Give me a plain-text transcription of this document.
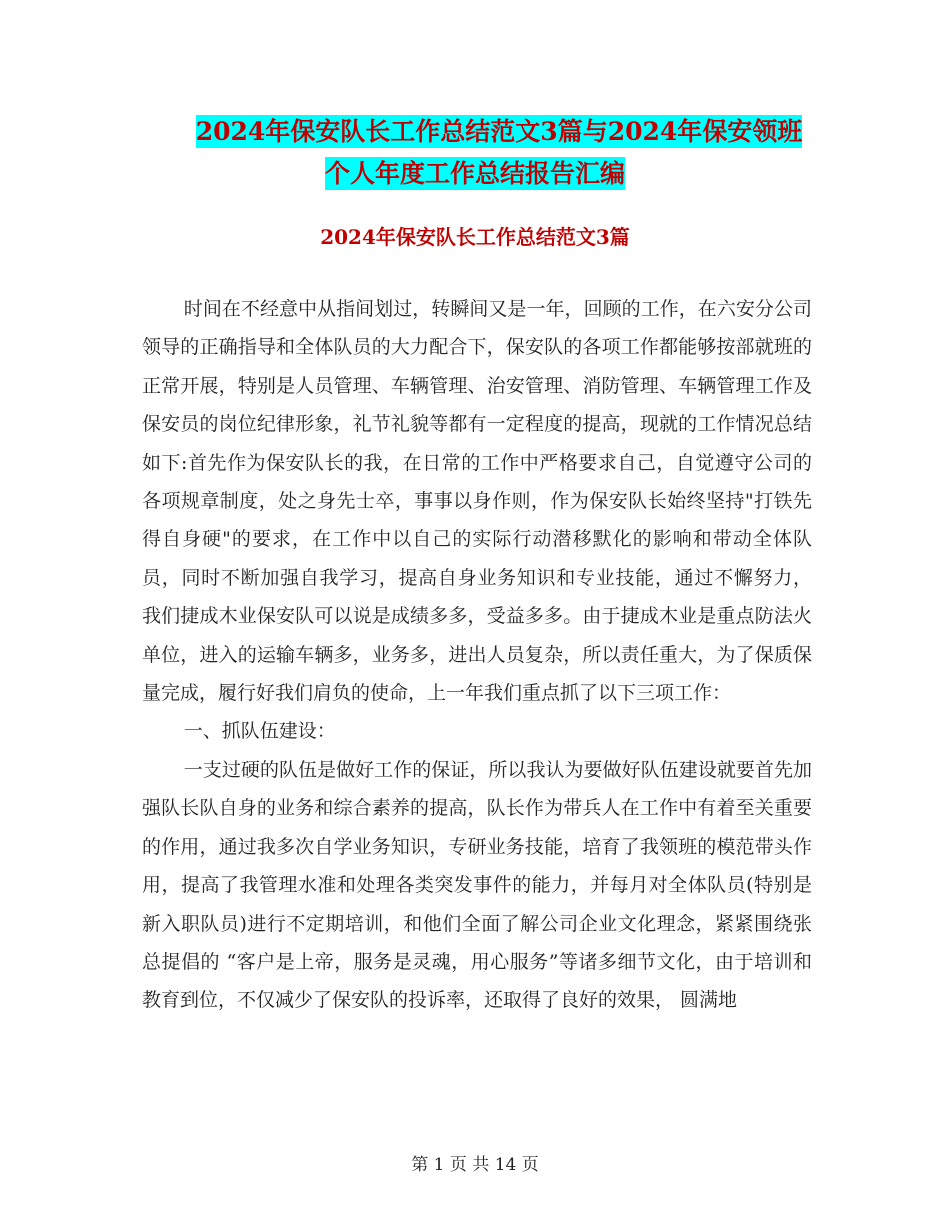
2024年保安队长工作总结范文3篇与2024年保安领班
个人年度工作总结报告汇编
2024年保安队长工作总结范文3篇

时间在不经意中从指间划过，转瞬间又是一年，回顾的工作，在六安分公司领导的正确指导和全体队员的大力配合下，保安队的各项工作都能够按部就班的正常开展，特别是人员管理、车辆管理、治安管理、消防管理、车辆管理工作及保安员的岗位纪律形象，礼节礼貌等都有一定程度的提高，现就的工作情况总结如下:首先作为保安队长的我，在日常的工作中严格要求自己，自觉遵守公司的各项规章制度，处之身先士卒，事事以身作则，作为保安队长始终坚持"打铁先得自身硬"的要求，在工作中以自己的实际行动潜移默化的影响和带动全体队员，同时不断加强自我学习，提高自身业务知识和专业技能，通过不懈努力， 我们捷成木业保安队可以说是成绩多多，受益多多。由于捷成木业是重点防法火单位，进入的运输车辆多，业务多，进出人员复杂，所以责任重大，为了保质保量完成，履行好我们肩负的使命，上一年我们重点抓了以下三项工作：

一、抓队伍建设：

一支过硬的队伍是做好工作的保证，所以我认为要做好队伍建设就要首先加强队长队自身的业务和综合素养的提高，队长作为带兵人在工作中有着至关重要的作用，通过我多次自学业务知识，专研业务技能，培育了我领班的模范带头作用，提高了我管理水准和处理各类突发事件的能力，并每月对全体队员(特别是新入职队员)进行不定期培训，和他们全面了解公司企业文化理念，紧紧围绕张总提倡的 “客户是上帝，服务是灵魂，用心服务”等诸多细节文化，由于培训和教育到位，不仅减少了保安队的投诉率，还取得了良好的效果， 圆满地

第 1 页 共 14 页
